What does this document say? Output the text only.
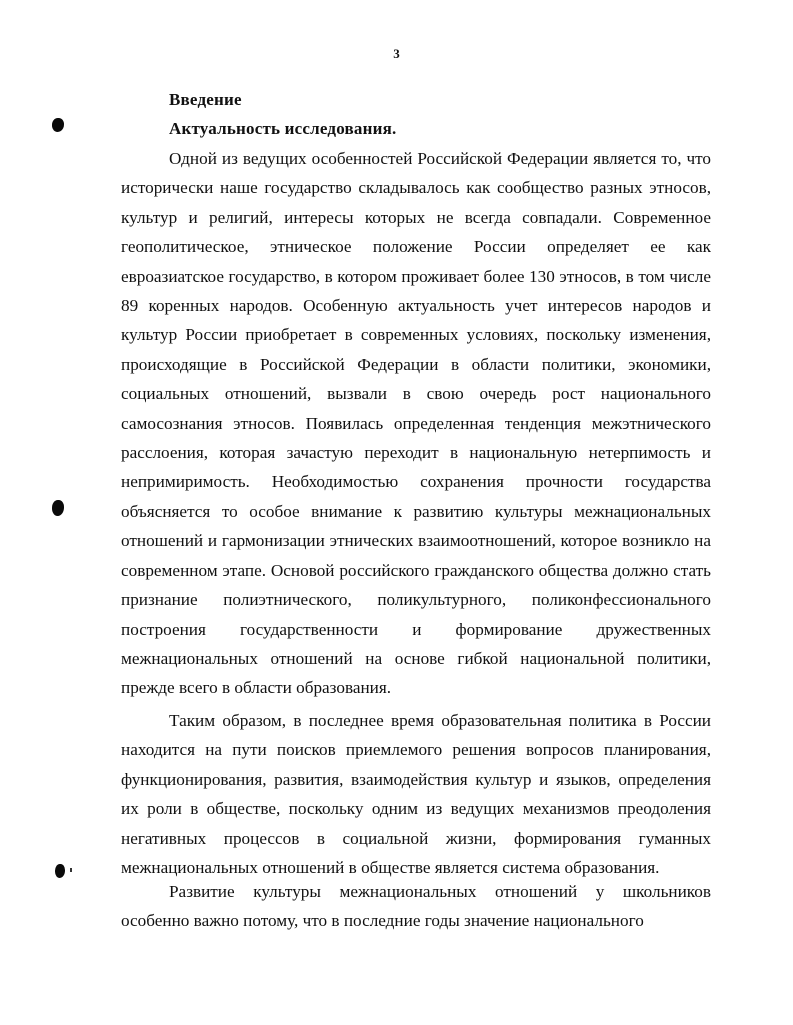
3
Введение
Актуальность исследования.

Одной из ведущих особенностей Российской Федерации является то, что исторически наше государство складывалось как сообщество разных этносов, культур и религий, интересы которых не всегда совпадали. Современное геополитическое, этническое положение России определяет ее как евроазиатское государство, в котором проживает более 130 этносов, в том числе 89 коренных народов. Особенную актуальность учет интересов народов и культур России приобретает в современных условиях, поскольку изменения, происходящие в Российской Федерации в области политики, экономики, социальных отношений, вызвали в свою очередь рост национального самосознания этносов. Появилась определенная тенденция межэтнического расслоения, которая зачастую переходит в национальную нетерпимость и непримиримость. Необходимостью сохранения прочности государства объясняется то особое внимание к развитию культуры межнациональных отношений и гармонизации этнических взаимоотношений, которое возникло на современном этапе. Основой российского гражданского общества должно стать признание полиэтнического, поликультурного, поликонфессионального построения государственности и формирование дружественных межнациональных отношений на основе гибкой национальной политики, прежде всего в области образования.

Таким образом, в последнее время образовательная политика в России находится на пути поисков приемлемого решения вопросов планирования, функционирования, развития, взаимодействия культур и языков, определения их роли в обществе, поскольку одним из ведущих механизмов преодоления негативных процессов в социальной жизни, формирования гуманных межнациональных отношений в обществе является система образования.

Развитие культуры межнациональных отношений у школьников особенно важно потому, что в последние годы значение национального
